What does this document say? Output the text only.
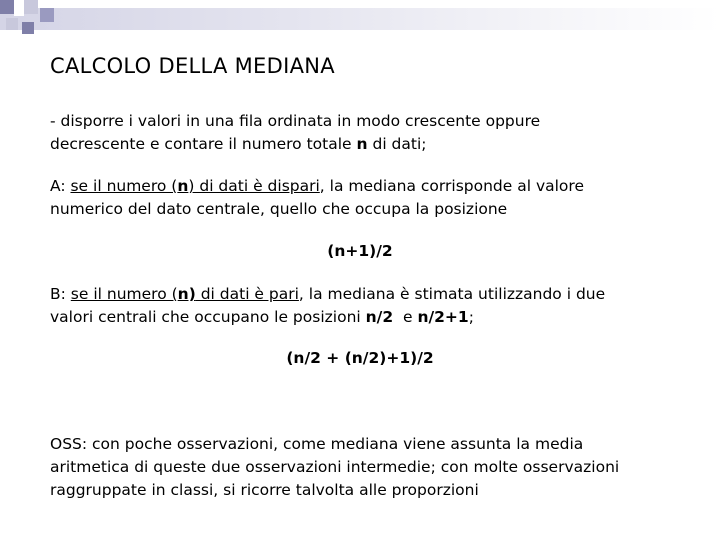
CALCOLO DELLA MEDIANA
- disporre i valori in una fila ordinata in modo crescente oppure
decrescente e contare il numero totale n di dati;
A: se il numero (n) di dati è dispari, la mediana corrisponde al valore
numerico del dato centrale, quello che occupa la posizione
(n+1)/2
B: se il numero (n) di dati è pari, la mediana è stimata utilizzando i due
valori centrali che occupano le posizioni n/2  e n/2+1;
(n/2 + (n/2)+1)/2
OSS: con poche osservazioni, come mediana viene assunta la media
aritmetica di queste due osservazioni intermedie; con molte osservazioni
raggruppate in classi, si ricorre talvolta alle proporzioni
